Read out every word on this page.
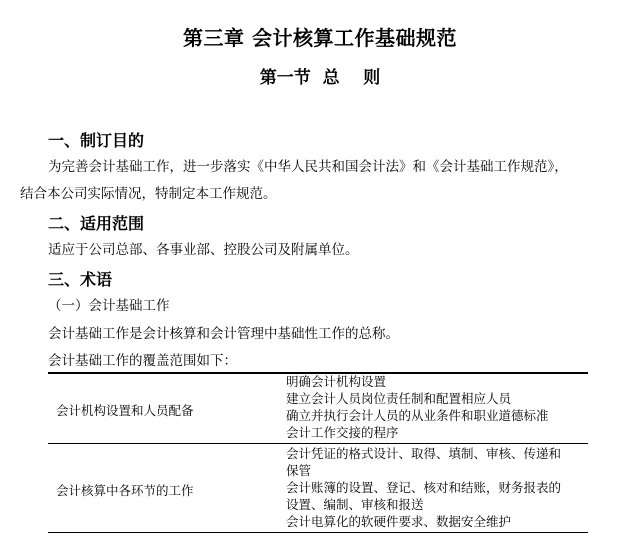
第三章 会计核算工作基础规范
第一节  总    则
一、制订目的
为完善会计基础工作，进一步落实《中华人民共和国会计法》和《会计基础工作规范》，
结合本公司实际情况，特制定本工作规范。
二、适用范围
适应于公司总部、各事业部、控股公司及附属单位。
三、术语
（一）会计基础工作
会计基础工作是会计核算和会计管理中基础性工作的总称。
会计基础工作的覆盖范围如下：
会计机构设置和人员配备
明确会计机构设置
建立会计人员岗位责任制和配置相应人员
确立并执行会计人员的从业条件和职业道德标准
会计工作交接的程序
会计核算中各环节的工作
会计凭证的格式设计、取得、填制、审核、传递和
保管
会计账簿的设置、登记、核对和结账，财务报表的
设置、编制、审核和报送
会计电算化的软硬件要求、数据安全维护
